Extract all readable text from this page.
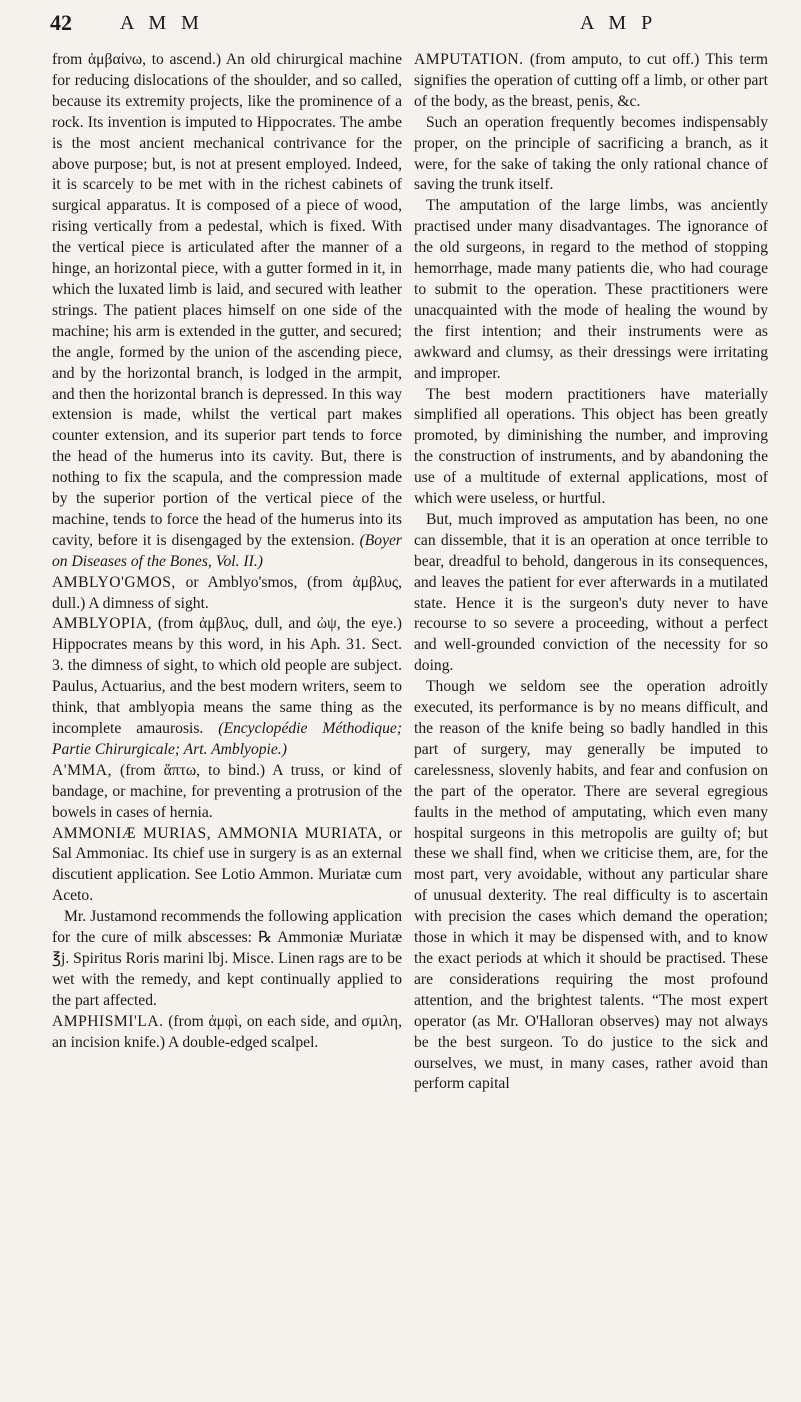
42 A M M	A M P

from ἀμβαίνω, to ascend.) An old chirurgical machine for reducing dislocations of the shoulder, and so called, because its extremity projects, like the prominence of a rock. Its invention is imputed to Hippocrates. The ambe is the most ancient mechanical contrivance for the above purpose; but, is not at present employed. Indeed, it is scarcely to be met with in the richest cabinets of surgical apparatus. It is composed of a piece of wood, rising vertically from a pedestal, which is fixed. With the vertical piece is articulated after the manner of a hinge, an horizontal piece, with a gutter formed in it, in which the luxated limb is laid, and secured with leather strings. The patient places himself on one side of the machine; his arm is extended in the gutter, and secured; the angle, formed by the union of the ascending piece, and by the horizontal branch, is lodged in the armpit, and then the horizontal branch is depressed. In this way extension is made, whilst the vertical part makes counter extension, and its superior part tends to force the head of the humerus into its cavity. But, there is nothing to fix the scapula, and the compression made by the superior portion of the vertical piece of the machine, tends to force the head of the humerus into its cavity, before it is disengaged by the extension. (Boyer on Diseases of the Bones, Vol. II.)

AMBLYO'GMOS, or Amblyo'smos, (from ἀμβλυς, dull.) A dimness of sight.

AMBLYOPIA, (from ἀμβλυς, dull, and ὠψ, the eye.) Hippocrates means by this word, in his Aph. 31. Sect. 3. the dimness of sight, to which old people are subject. Paulus, Actuarius, and the best modern writers, seem to think, that amblyopia means the same thing as the incomplete amaurosis. (Encyclopédie Méthodique; Partie Chirurgicale; Art. Amblyopie.)

A'MMA, (from ἅπτω, to bind.) A truss, or kind of bandage, or machine, for preventing a protrusion of the bowels in cases of hernia.

AMMONIÆ MURIAS, AMMONIA MURIATA, or Sal Ammoniac. Its chief use in surgery is as an external discutient application. See Lotio Ammon. Muriatæ cum Aceto.

Mr. Justamond recommends the following application for the cure of milk abscesses: ℞ Ammoniæ Muriatæ ℥j. Spiritus Roris marini lbj. Misce. Linen rags are to be wet with the remedy, and kept continually applied to the part affected.

AMPHISMI'LA. (from ἀμφὶ, on each side, and σμιλη, an incision knife.) A double-edged scalpel.

AMPUTATION. (from amputo, to cut off.) This term signifies the operation of cutting off a limb, or other part of the body, as the breast, penis, &c.

Such an operation frequently becomes indispensably proper, on the principle of sacrificing a branch, as it were, for the sake of taking the only rational chance of saving the trunk itself.

The amputation of the large limbs, was anciently practised under many disadvantages. The ignorance of the old surgeons, in regard to the method of stopping hemorrhage, made many patients die, who had courage to submit to the operation. These practitioners were unacquainted with the mode of healing the wound by the first intention; and their instruments were as awkward and clumsy, as their dressings were irritating and improper.

The best modern practitioners have materially simplified all operations. This object has been greatly promoted, by diminishing the number, and improving the construction of instruments, and by abandoning the use of a multitude of external applications, most of which were useless, or hurtful.

But, much improved as amputation has been, no one can dissemble, that it is an operation at once terrible to bear, dreadful to behold, dangerous in its consequences, and leaves the patient for ever afterwards in a mutilated state. Hence it is the surgeon's duty never to have recourse to so severe a proceeding, without a perfect and well-grounded conviction of the necessity for so doing.

Though we seldom see the operation adroitly executed, its performance is by no means difficult, and the reason of the knife being so badly handled in this part of surgery, may generally be imputed to carelessness, slovenly habits, and fear and confusion on the part of the operator. There are several egregious faults in the method of amputating, which even many hospital surgeons in this metropolis are guilty of; but these we shall find, when we criticise them, are, for the most part, very avoidable, without any particular share of unusual dexterity. The real difficulty is to ascertain with precision the cases which demand the operation; those in which it may be dispensed with, and to know the exact periods at which it should be practised. These are considerations requiring the most profound attention, and the brightest talents. “The most expert operator (as Mr. O'Halloran observes) may not always be the best surgeon. To do justice to the sick and ourselves, we must, in many cases, rather avoid than perform capital
